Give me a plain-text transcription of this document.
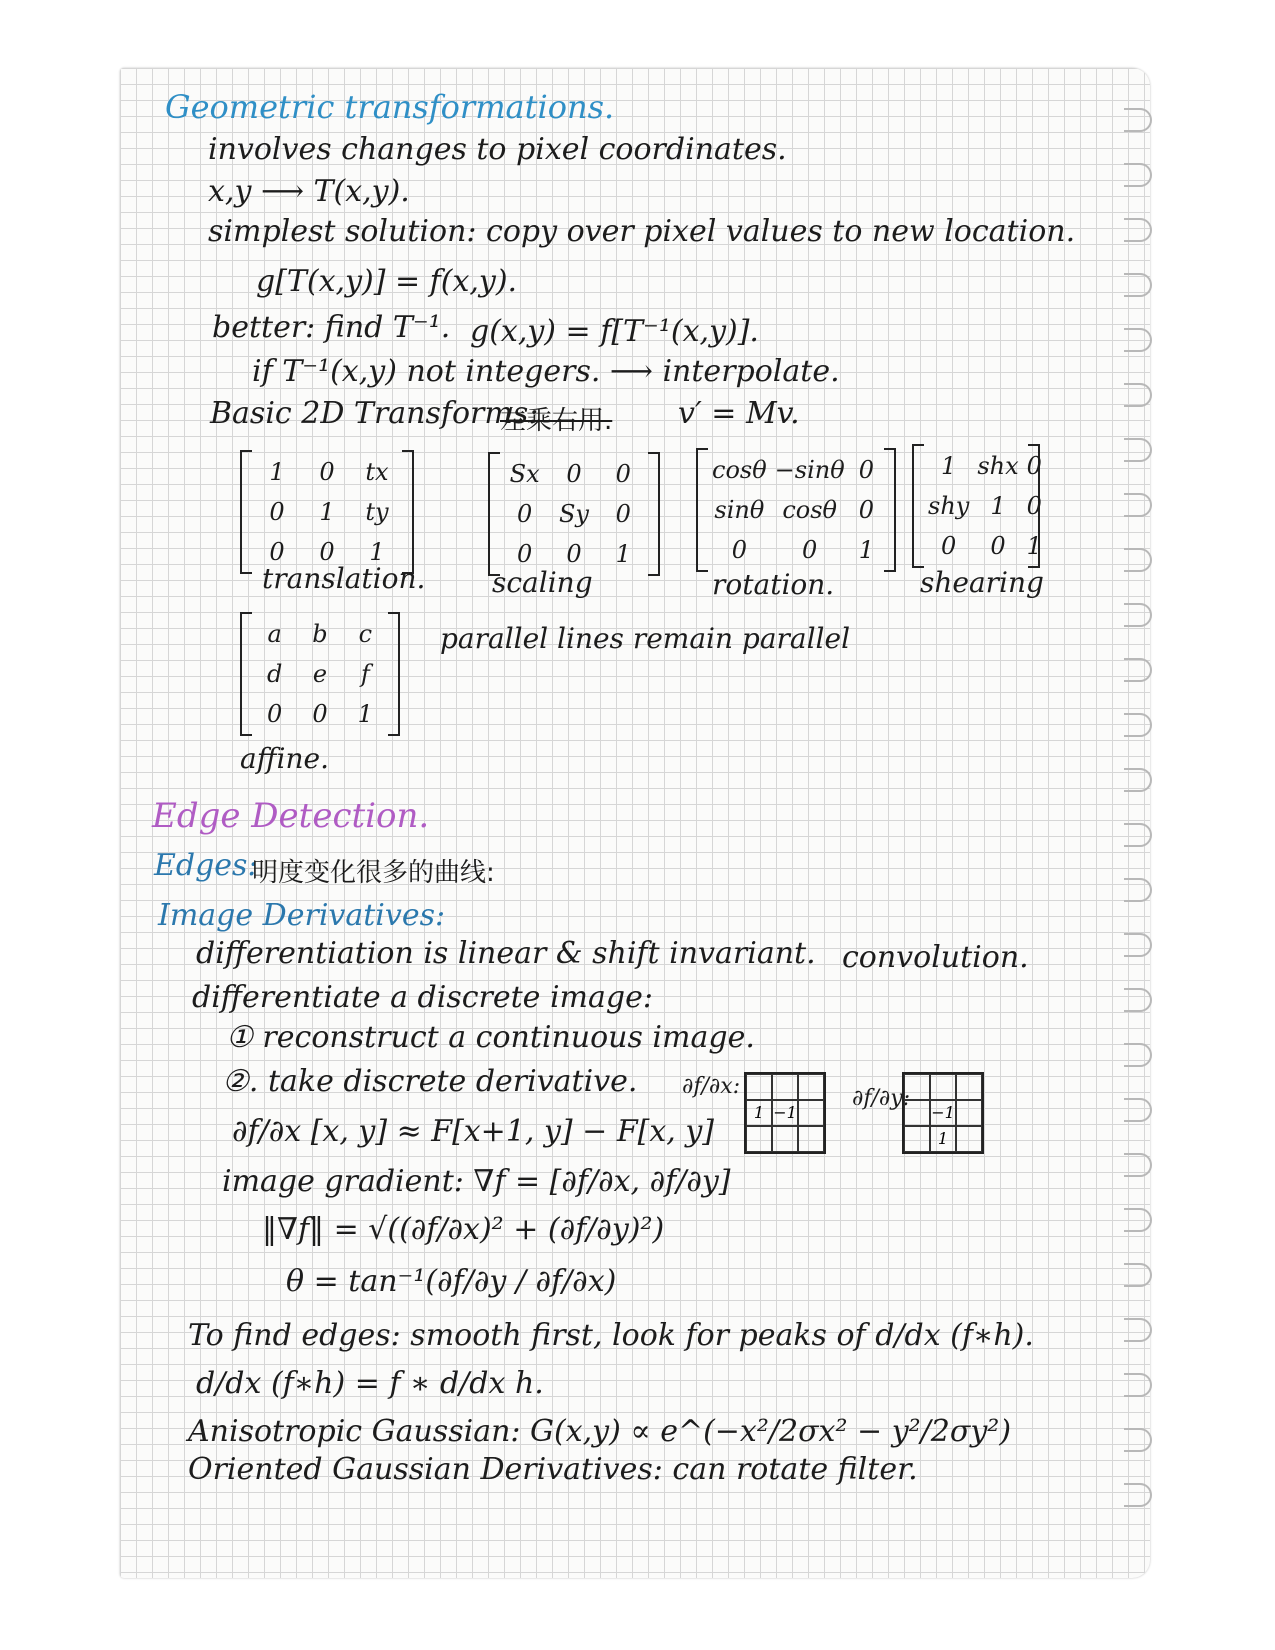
Geometric transformations.
involves changes to pixel coordinates.
x,y ⟶ T(x,y).
simplest solution: copy over pixel values to new location.
g[T(x,y)] = f(x,y).
better: find T⁻¹. g(x,y) = f[T⁻¹(x,y)].
if T⁻¹(x,y) not integers. ⟶ interpolate.
Basic 2D Transforms:
左乘右用. v′ = Mv.
1	0	tx
0	1	ty
0	0	1
translation.
Sx	0	0
0	Sy	0
0	0	1
scaling
cosθ −sinθ 0
sinθ cosθ 0
0	0	1
rotation.
1 shx 0
shy 1 0
0	0 1
shearing
a	b	c
d	e	f
0	0	1
affine.
parallel lines remain parallel
Edge Detection.
Edges:
明度变化很多的曲线:
Image Derivatives:
differentiation is linear & shift invariant. convolution.
differentiate a discrete image:
① reconstruct a continuous image.
②. take discrete derivative. ∂f/∂x:
1 −1
∂f/∂y:
−1
1
∂f/∂x [x, y] ≈ F[x+1, y] − F[x, y]
image gradient: ∇f = [∂f/∂x, ∂f/∂y]
‖∇f‖ = √((∂f/∂x)² + (∂f/∂y)²)
θ = tan⁻¹(∂f/∂y / ∂f/∂x)
To find edges: smooth first, look for peaks of d/dx (f∗h).
d/dx (f∗h) = f ∗ d/dx h.
Anisotropic Gaussian: G(x,y) ∝ e^(−x²/2σx² − y²/2σy²)
Oriented Gaussian Derivatives: can rotate filter.
